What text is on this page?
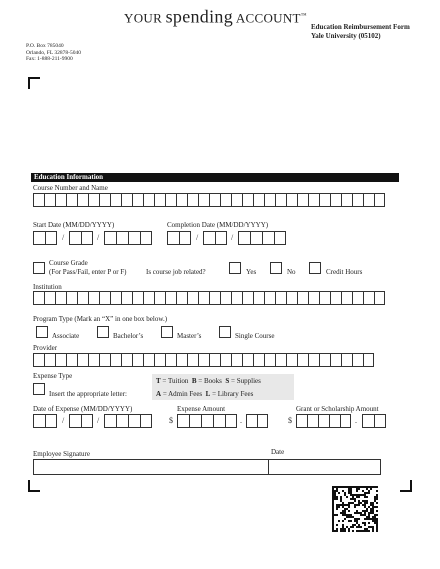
YOUR spending ACCOUNT™
Education Reimbursement Form
Yale University (05102)
P.O. Box 785040
Orlando, FL 32878-5040
Fax: 1-888-211-9900
Education Information
Course Number and Name
Start Date (MM/DD/YYYY)
/	/
Completion Date (MM/DD/YYYY)
/	/
Course Grade
(For Pass/Fail, enter P or F)	Is course job related?	Yes	No	Credit Hours
Institution
Program Type (Mark an “X” in one box below.)
Associate	Bachelor’s	Master’s	Single Course
Provider
Expense Type
Insert the appropriate letter:
T = Tuition B = Books S = Supplies
A = Admin Fees L = Library Fees
Date of Expense (MM/DD/YYYY)
/	/
Expense Amount
$	.
Grant or Scholarship Amount
$	.
Employee Signature	Date
